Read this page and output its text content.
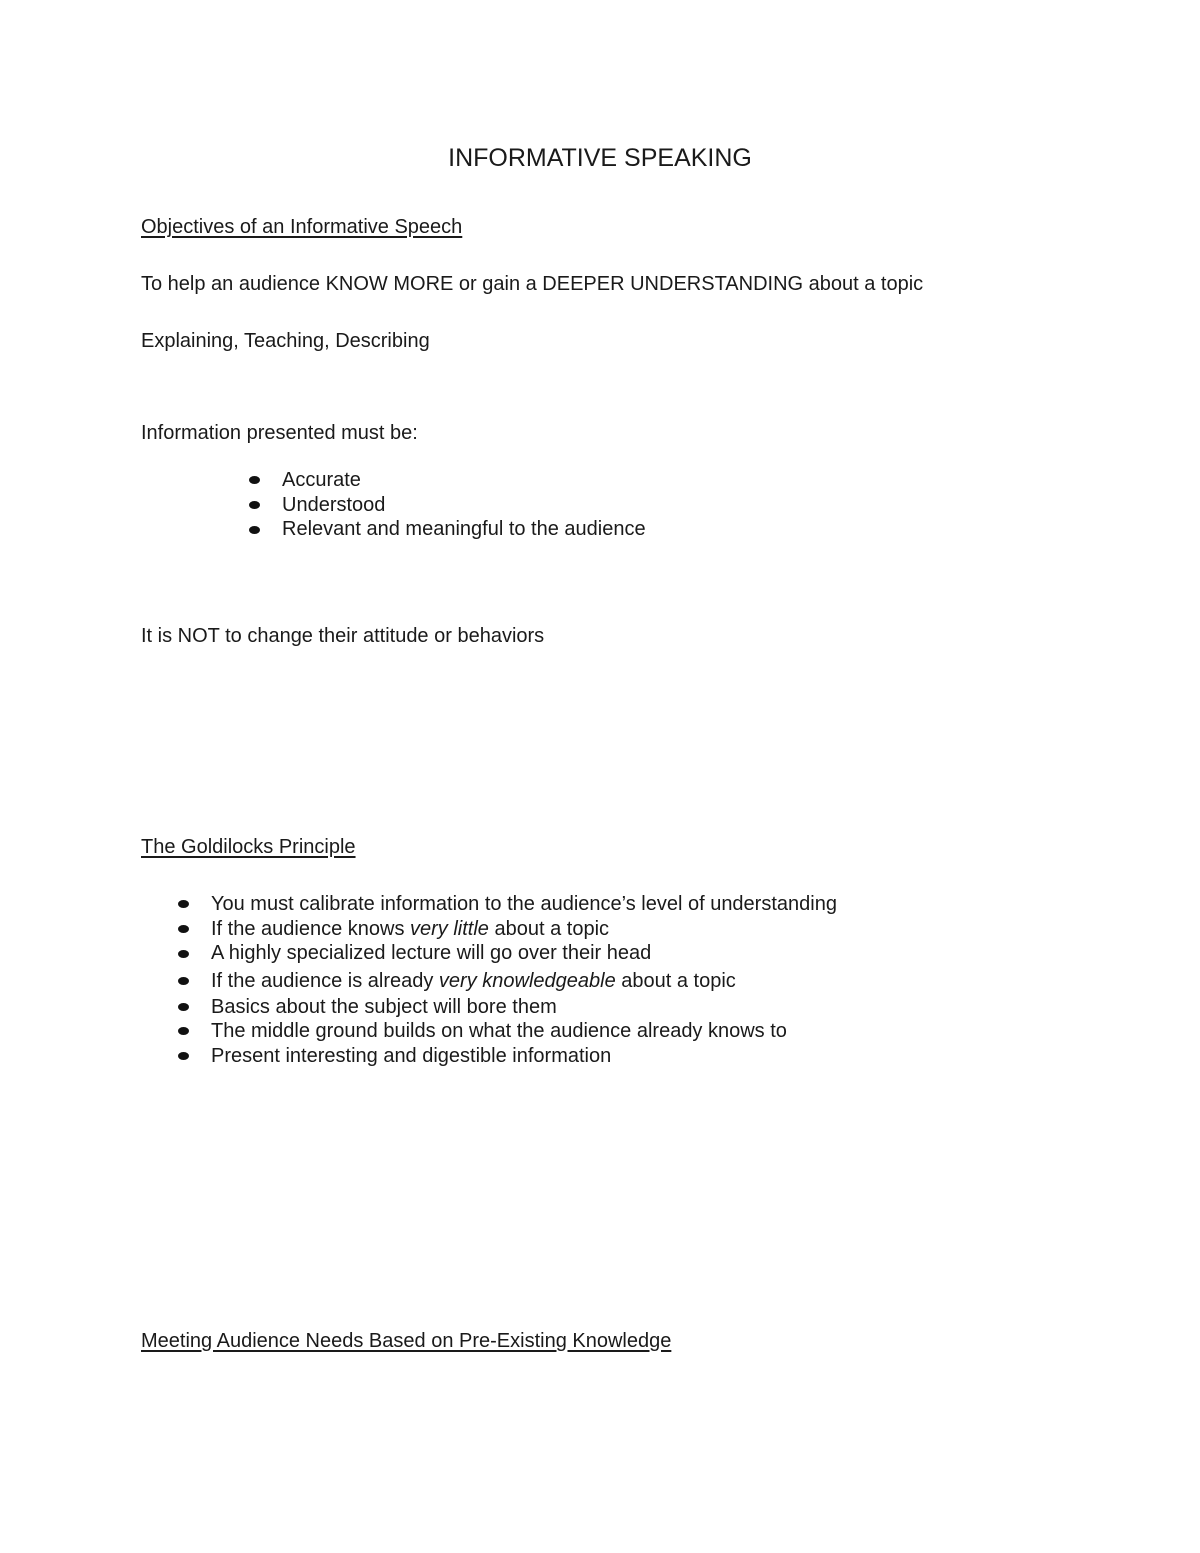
INFORMATIVE SPEAKING
Objectives of an Informative Speech
To help an audience KNOW MORE or gain a DEEPER UNDERSTANDING about a topic
Explaining, Teaching, Describing
Information presented must be:
Accurate
Understood
Relevant and meaningful to the audience
It is NOT to change their attitude or behaviors
The Goldilocks Principle
You must calibrate information to the audience’s level of understanding
If the audience knows very little about a topic
A highly specialized lecture will go over their head
If the audience is already very knowledgeable about a topic
Basics about the subject will bore them
The middle ground builds on what the audience already knows to
Present interesting and digestible information
Meeting Audience Needs Based on Pre-Existing Knowledge
